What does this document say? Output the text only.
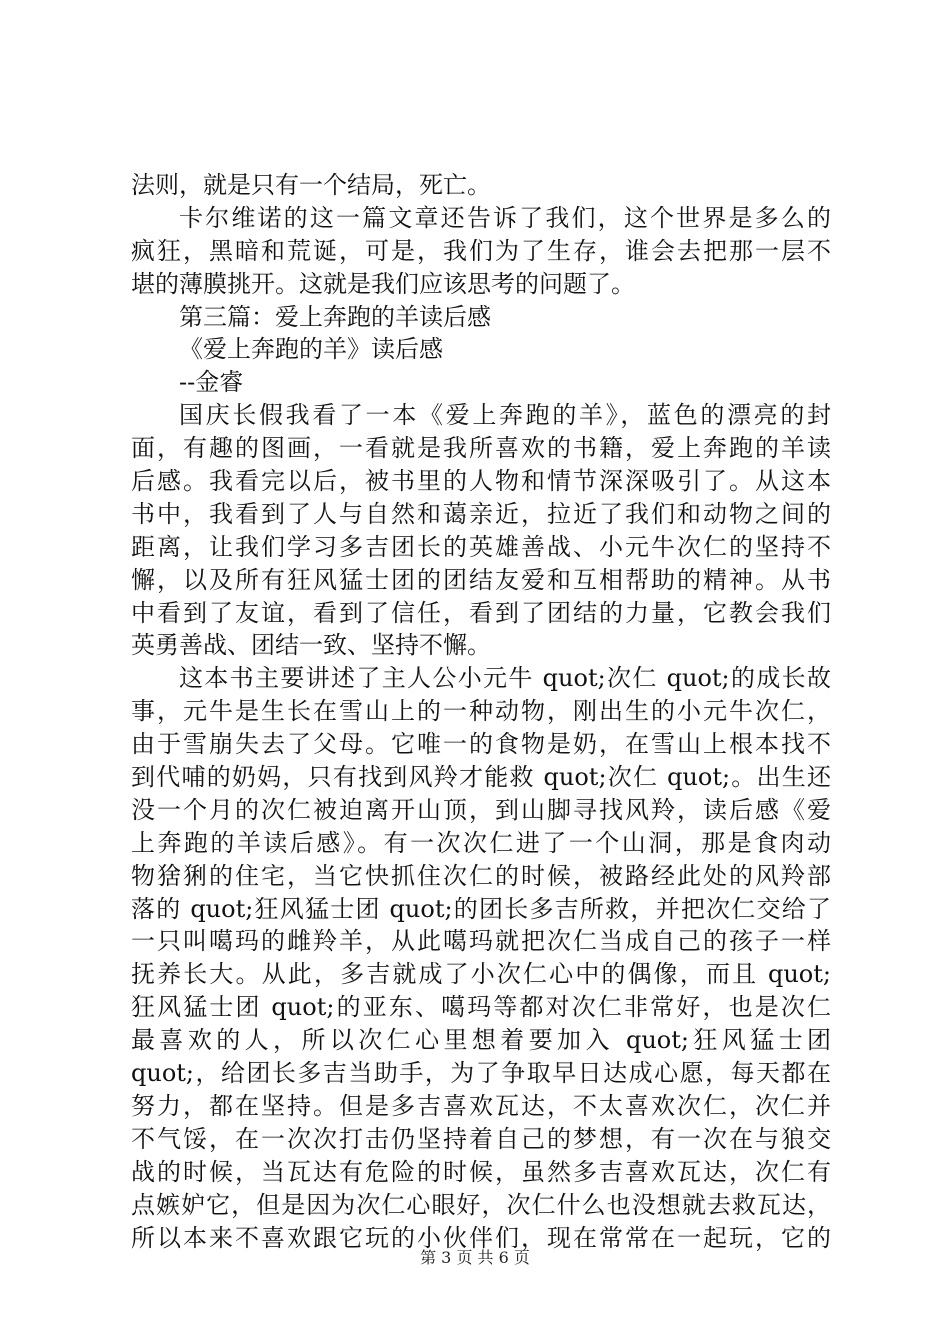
法则，就是只有一个结局，死亡。
卡尔维诺的这一篇文章还告诉了我们，这个世界是多么的
疯狂，黑暗和荒诞，可是，我们为了生存，谁会去把那一层不
堪的薄膜挑开。这就是我们应该思考的问题了。
第三篇：爱上奔跑的羊读后感
《爱上奔跑的羊》读后感
--金睿
国庆长假我看了一本《爱上奔跑的羊》，蓝色的漂亮的封
面，有趣的图画，一看就是我所喜欢的书籍，爱上奔跑的羊读
后感。我看完以后，被书里的人物和情节深深吸引了。从这本
书中，我看到了人与自然和蔼亲近，拉近了我们和动物之间的
距离，让我们学习多吉团长的英雄善战、小元牛次仁的坚持不
懈，以及所有狂风猛士团的团结友爱和互相帮助的精神。从书
中看到了友谊，看到了信任，看到了团结的力量，它教会我们
英勇善战、团结一致、坚持不懈。
这本书主要讲述了主人公小元牛 quot;次仁 quot;的成长故
事，元牛是生长在雪山上的一种动物，刚出生的小元牛次仁，
由于雪崩失去了父母。它唯一的食物是奶，在雪山上根本找不
到代哺的奶妈，只有找到风羚才能救 quot;次仁 quot;。出生还
没一个月的次仁被迫离开山顶，到山脚寻找风羚，读后感《爱
上奔跑的羊读后感》。有一次次仁进了一个山洞，那是食肉动
物猞猁的住宅，当它快抓住次仁的时候，被路经此处的风羚部
落的 quot;狂风猛士团 quot;的团长多吉所救，并把次仁交给了
一只叫噶玛的雌羚羊，从此噶玛就把次仁当成自己的孩子一样
抚养长大。从此，多吉就成了小次仁心中的偶像，而且 quot;
狂风猛士团 quot;的亚东、噶玛等都对次仁非常好，也是次仁
最喜欢的人，所以次仁心里想着要加入 quot;狂风猛士团
quot;，给团长多吉当助手，为了争取早日达成心愿，每天都在
努力，都在坚持。但是多吉喜欢瓦达，不太喜欢次仁，次仁并
不气馁，在一次次打击仍坚持着自己的梦想，有一次在与狼交
战的时候，当瓦达有危险的时候，虽然多吉喜欢瓦达，次仁有
点嫉妒它，但是因为次仁心眼好，次仁什么也没想就去救瓦达，
所以本来不喜欢跟它玩的小伙伴们，现在常常在一起玩，它的
第 3 页 共 6 页
